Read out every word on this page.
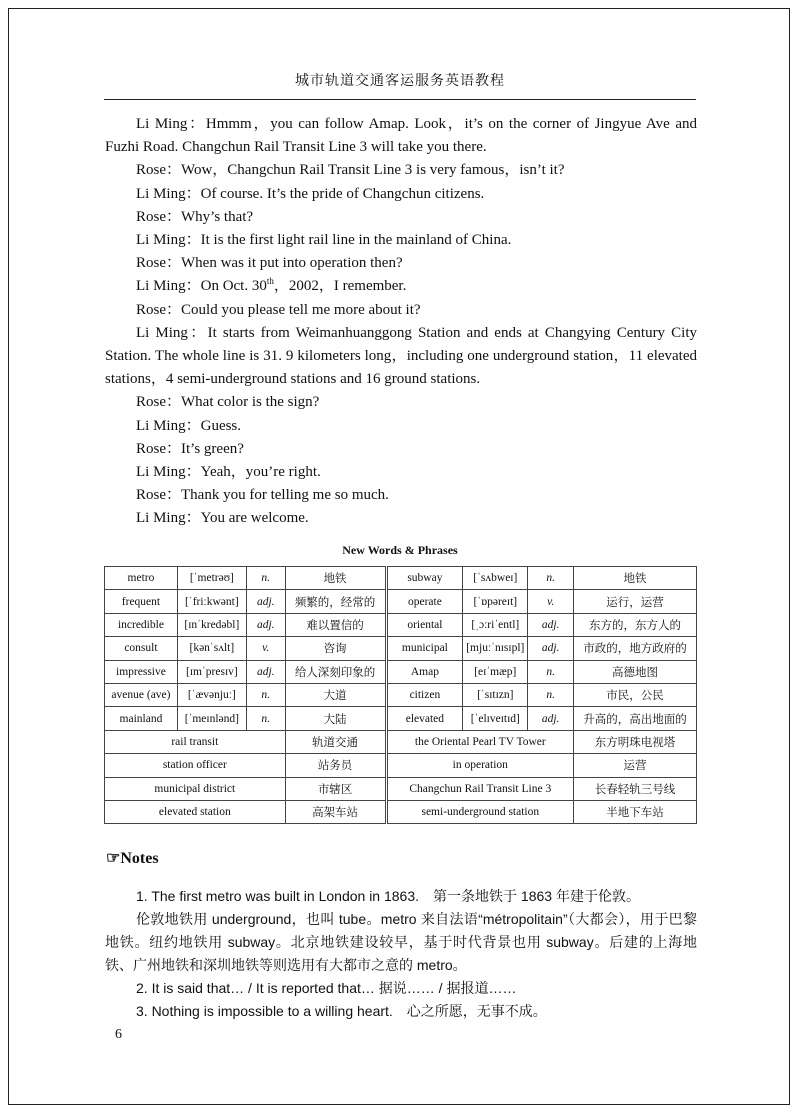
城市轨道交通客运服务英语教程

Li Ming：Hmmm，you can follow Amap. Look，it’s on the corner of Jingyue Ave and Fuzhi Road. Changchun Rail Transit Line 3 will take you there.

Rose：Wow，Changchun Rail Transit Line 3 is very famous，isn’t it?

Li Ming：Of course. It’s the pride of Changchun citizens.

Rose：Why’s that?

Li Ming：It is the first light rail line in the mainland of China.

Rose：When was it put into operation then?

Li Ming：On Oct. 30th，2002，I remember.

Rose：Could you please tell me more about it?

Li Ming：It starts from Weimanhuanggong Station and ends at Changying Century City Station. The whole line is 31. 9 kilometers long，including one underground station，11 elevated stations，4 semi-underground stations and 16 ground stations.

Rose：What color is the sign?

Li Ming：Guess.

Rose：It’s green?

Li Ming：Yeah，you’re right.

Rose：Thank you for telling me so much.

Li Ming：You are welcome.

New Words & Phrases
metro	[ˈmetrəʊ]	n.	地铁	subway	[ˈsʌbweɪ]	n.	地铁
frequent	[ˈfriːkwənt]	adj.	频繁的，经常的	operate	[ˈɒpəreɪt]	v.	运行，运营
incredible	[ɪnˈkredəbl]	adj.	难以置信的	oriental	[ˌɔːriˈentl]	adj.	东方的，东方人的
consult	[kənˈsʌlt]	v.	咨询	municipal	[mjuːˈnɪsɪpl]	adj.	市政的，地方政府的
impressive	[ɪmˈpresɪv]	adj.	给人深刻印象的	Amap	[eɪˈmæp]	n.	高德地图
avenue (ave)	[ˈævənjuː]	n.	大道	citizen	[ˈsɪtɪzn]	n.	市民，公民
mainland	[ˈmeɪnlənd]	n.	大陆	elevated	[ˈelɪveɪtɪd]	adj.	升高的，高出地面的
rail transit			轨道交通	the Oriental Pearl TV Tower			东方明珠电视塔
station officer			站务员	in operation			运营
municipal district			市辖区	Changchun Rail Transit Line 3			长春轻轨三号线
elevated station			高架车站	semi-underground station			半地下车站
☞Notes

1. The first metro was built in London in 1863.　第一条地铁于 1863 年建于伦敦。

伦敦地铁用 underground，也叫 tube。metro 来自法语“métropolitain”（大都会），用于巴黎地铁。纽约地铁用 subway。北京地铁建设较早，基于时代背景也用 subway。后建的上海地铁、广州地铁和深圳地铁等则选用有大都市之意的 metro。

2. It is said that… / It is reported that… 据说…… / 据报道……

3. Nothing is impossible to a willing heart.　心之所愿，无事不成。

6
